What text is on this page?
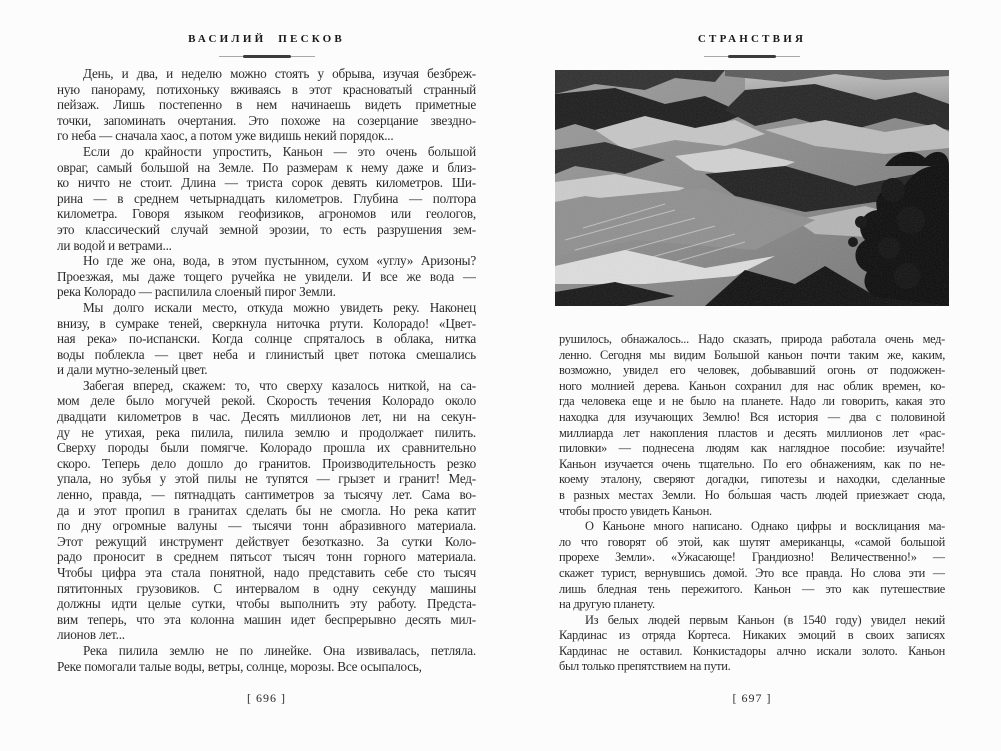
ВАСИЛИЙ ПЕСКОВ
День, и два, и неделю можно стоять у обрыва, изучая безбреж-
ную панораму, потихоньку вживаясь в этот красноватый странный
пейзаж. Лишь постепенно в нем начинаешь видеть приметные
точки, запоминать очертания. Это похоже на созерцание звездно-
го неба — сначала хаос, а потом уже видишь некий порядок...
Если до крайности упростить, Каньон — это очень большой
овраг, самый большой на Земле. По размерам к нему даже и близ-
ко ничто не стоит. Длина — триста сорок девять километров. Ши-
рина — в среднем четырнадцать километров. Глубина — полтора
километра. Говоря языком геофизиков, агрономов или геологов,
это классический случай земной эрозии, то есть разрушения зем-
ли водой и ветрами...
Но где же она, вода, в этом пустынном, сухом «углу» Аризоны?
Проезжая, мы даже тощего ручейка не увидели. И все же вода —
река Колорадо — распилила слоеный пирог Земли.
Мы долго искали место, откуда можно увидеть реку. Наконец
внизу, в сумраке теней, сверкнула ниточка ртути. Колорадо! «Цвет-
ная река» по-испански. Когда солнце спряталось в облака, нитка
воды поблекла — цвет неба и глинистый цвет потока смешались
и дали мутно-зеленый цвет.
Забегая вперед, скажем: то, что сверху казалось ниткой, на са-
мом деле было могучей рекой. Скорость течения Колорадо около
двадцати километров в час. Десять миллионов лет, ни на секун-
ду не утихая, река пилила, пилила землю и продолжает пилить.
Сверху породы были помягче. Колорадо прошла их сравнительно
скоро. Теперь дело дошло до гранитов. Производительность резко
упала, но зубья у этой пилы не тупятся — грызет и гранит! Мед-
ленно, правда, — пятнадцать сантиметров за тысячу лет. Сама во-
да и этот пропил в гранитах сделать бы не смогла. Но река катит
по дну огромные валуны — тысячи тонн абразивного материала.
Этот режущий инструмент действует безотказно. За сутки Коло-
радо проносит в среднем пятьсот тысяч тонн горного материала.
Чтобы цифра эта стала понятной, надо представить себе сто тысяч
пятитонных грузовиков. С интервалом в одну секунду машины
должны идти целые сутки, чтобы выполнить эту работу. Предста-
вим теперь, что эта колонна машин идет беспрерывно десять мил-
лионов лет...
Река пилила землю не по линейке. Она извивалась, петляла.
Реке помогали талые воды, ветры, солнце, морозы. Все осыпалось,
[ 696 ]
СТРАНСТВИЯ
рушилось, обнажалось... Надо сказать, природа работала очень мед-
ленно. Сегодня мы видим Большой каньон почти таким же, каким,
возможно, увидел его человек, добывавший огонь от подожжен-
ного молнией дерева. Каньон сохранил для нас облик времен, ко-
гда человека еще и не было на планете. Надо ли говорить, какая это
находка для изучающих Землю! Вся история — два с половиной
миллиарда лет накопления пластов и десять миллионов лет «рас-
пиловки» — поднесена людям как наглядное пособие: изучайте!
Каньон изучается очень тщательно. По его обнажениям, как по не-
коему эталону, сверяют догадки, гипотезы и находки, сделанные
в разных местах Земли. Но бо́льшая часть людей приезжает сюда,
чтобы просто увидеть Каньон.
О Каньоне много написано. Однако цифры и восклицания ма-
ло что говорят об этой, как шутят американцы, «самой большой
прорехе Земли». «Ужасающе! Грандиозно! Величественно!» —
скажет турист, вернувшись домой. Это все правда. Но слова эти —
лишь бледная тень пережитого. Каньон — это как путешествие
на другую планету.
Из белых людей первым Каньон (в 1540 году) увидел некий
Кардинас из отряда Кортеса. Никаких эмоций в своих записях
Кардинас не оставил. Конкистадоры алчно искали золото. Каньон
был только препятствием на пути.
[ 697 ]
